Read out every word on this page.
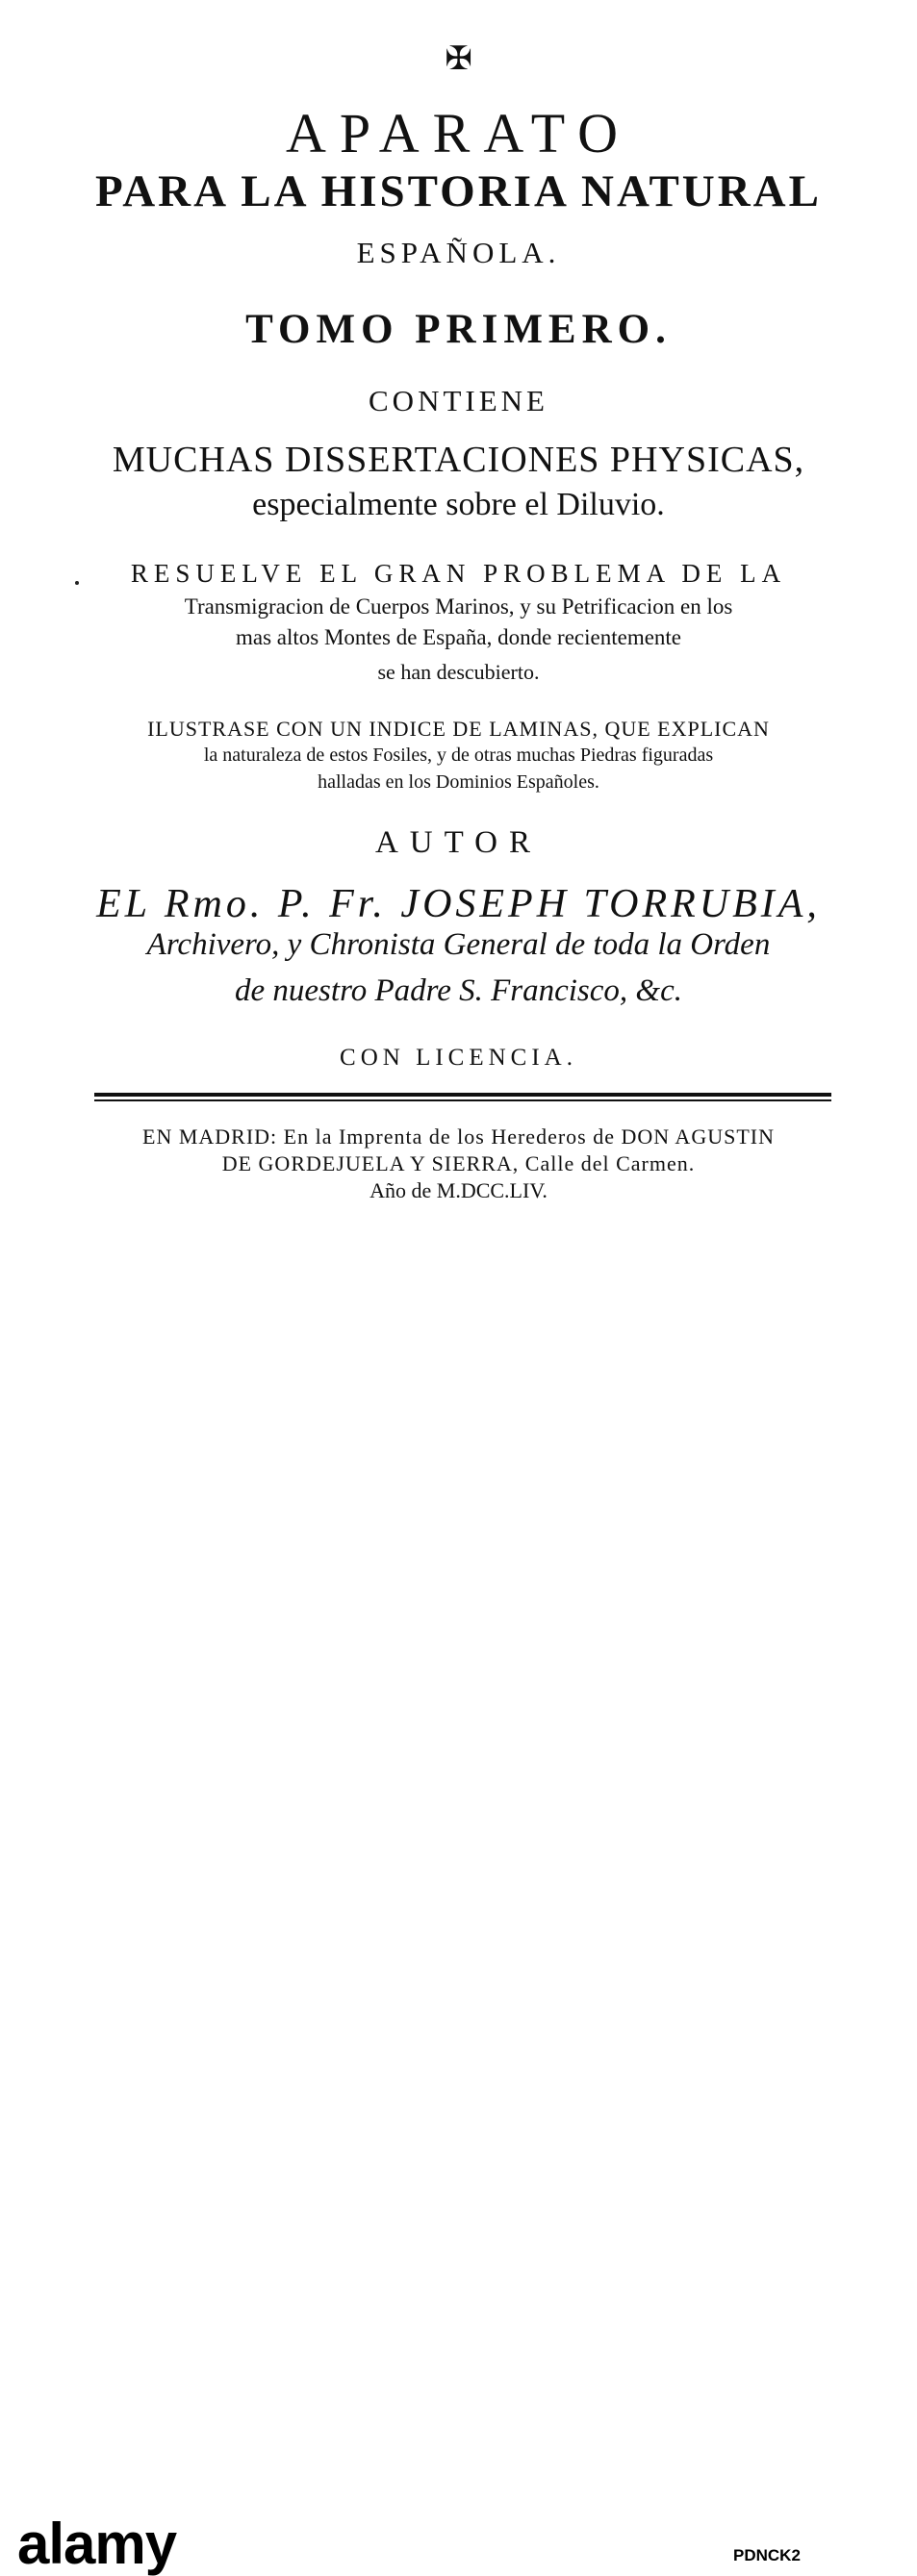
✠
APARATO
PARA LA HISTORIA NATURAL
ESPAÑOLA.
TOMO PRIMERO.
CONTIENE
MUCHAS DISSERTACIONES PHYSICAS,
especialmente sobre el Diluvio.
RESUELVE EL GRAN PROBLEMA DE LA
Transmigracion de Cuerpos Marinos, y su Petrificacion en los
mas altos Montes de España, donde recientemente
se han descubierto.
ILUSTRASE CON UN INDICE DE LAMINAS, QUE EXPLICAN
la naturaleza de estos Fosiles, y de otras muchas Piedras figuradas
halladas en los Dominios Españoles.
AUTOR
EL Rmo. P. Fr. JOSEPH TORRUBIA,
Archivero, y Chronista General de toda la Orden
de nuestro Padre S. Francisco, &c.
CON LICENCIA.
EN MADRID: En la Imprenta de los Herederos de DON AGUSTIN
DE GORDEJUELA Y SIERRA, Calle del Carmen.
Año de M.DCC.LIV.
alamy	PDNCK2
